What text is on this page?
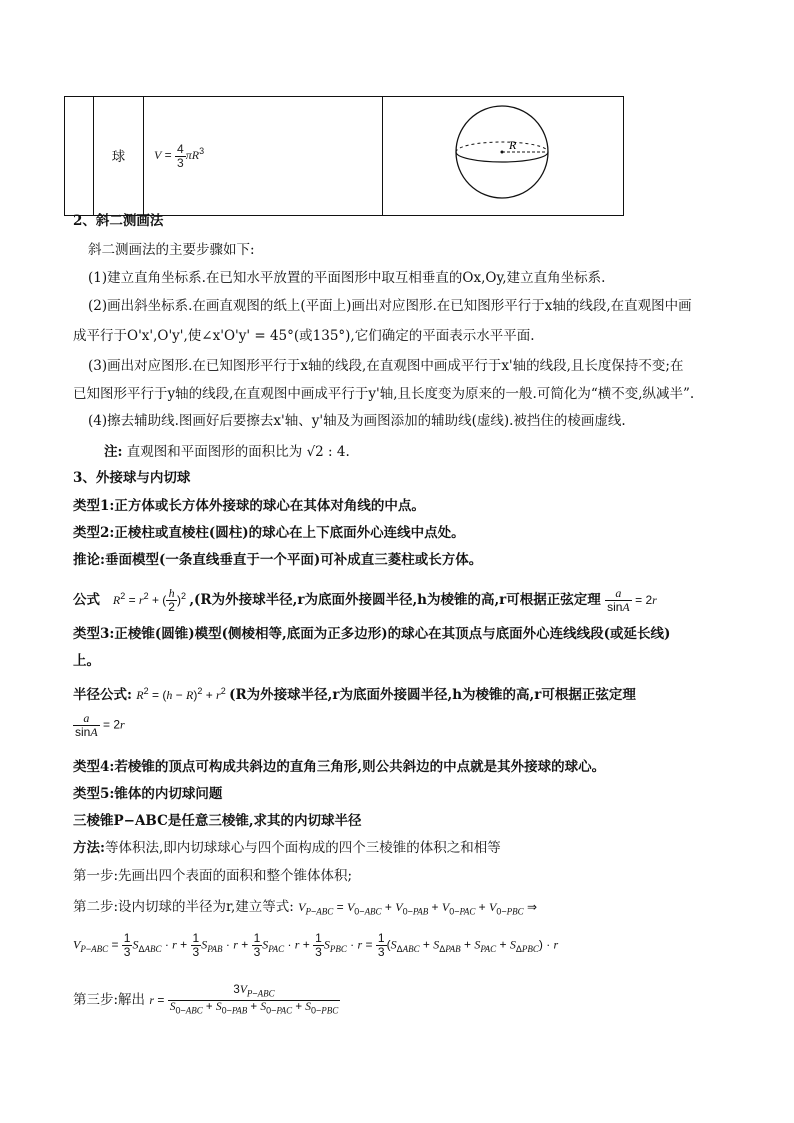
	球	$V = \frac{4}{3} \pi R^3$	R
2、斜二测画法
斜二测画法的主要步骤如下:
(1)建立直角坐标系.在已知水平放置的平面图形中取互相垂直的Ox,Oy,建立直角坐标系.
(2)画出斜坐标系.在画直观图的纸上(平面上)画出对应图形.在已知图形平行于x轴的线段,在直观图中画
成平行于O'x',O'y',使∠x'O'y' = 45°(或135°),它们确定的平面表示水平平面.
(3)画出对应图形.在已知图形平行于x轴的线段,在直观图中画成平行于x'轴的线段,且长度保持不变;在
已知图形平行于y轴的线段,在直观图中画成平行于y'轴,且长度变为原来的一般.可简化为“横不变,纵减半”.
(4)擦去辅助线.图画好后要擦去x'轴、y'轴及为画图添加的辅助线(虚线).被挡住的棱画虚线.
注: 直观图和平面图形的面积比为 √2 : 4.
3、外接球与内切球
类型1:正方体或长方体外接球的球心在其体对角线的中点。
类型2:正棱柱或直棱柱(圆柱)的球心在上下底面外心连线中点处。
推论:垂面模型(一条直线垂直于一个平面)可补成直三菱柱或长方体。
公式 $R^2 = r^2$ + ( $\frac{h}{2} )^2$ ,(R为外接球半径,r为底面外接圆半径,h为棱锥的高,r可根据正弦定理 $\frac{a}{\sin A} = 2r$
类型3:正棱锥(圆锥)模型(侧棱相等,底面为正多边形)的球心在其顶点与底面外心连线线段(或延长线)
上。
半径公式: $R^2 = (h - R)^2 + r^2$ (R为外接球半径,r为底面外接圆半径,h为棱锥的高,r可根据正弦定理
$\frac{a}{\sin A} = 2r$
类型4:若棱锥的顶点可构成共斜边的直角三角形,则公共斜边的中点就是其外接球的球心。
类型5:锥体的内切球问题
三棱锥P−ABC是任意三棱锥,求其的内切球半径
方法:等体积法,即内切球球心与四个面构成的四个三棱锥的体积之和相等
第一步:先画出四个表面的面积和整个锥体体积;
第二步:设内切球的半径为r,建立等式: $V_{P-ABC} = V_{0-ABC} + V_{0-PAB} + V_{0-PAC} + V_{0-PBC}$ ⇒
$V_{P-ABC} = \frac{1}{3} S_{\Delta ABC} \cdot r + \frac{1}{3} S_{PAB} \cdot r + \frac{1}{3} S_{PAC} \cdot r + \frac{1}{3} S_{PBC} \cdot r = \frac{1}{3} (S_{\Delta ABC} + S_{\Delta PAB} + S_{PAC} + S_{\Delta PBC}) \cdot r$
第三步:解出 $r = \frac{3V_{P-ABC}}{S_{0-ABC} + S_{0-PAB} + S_{0-PAC} + S_{0-PBC}}$
